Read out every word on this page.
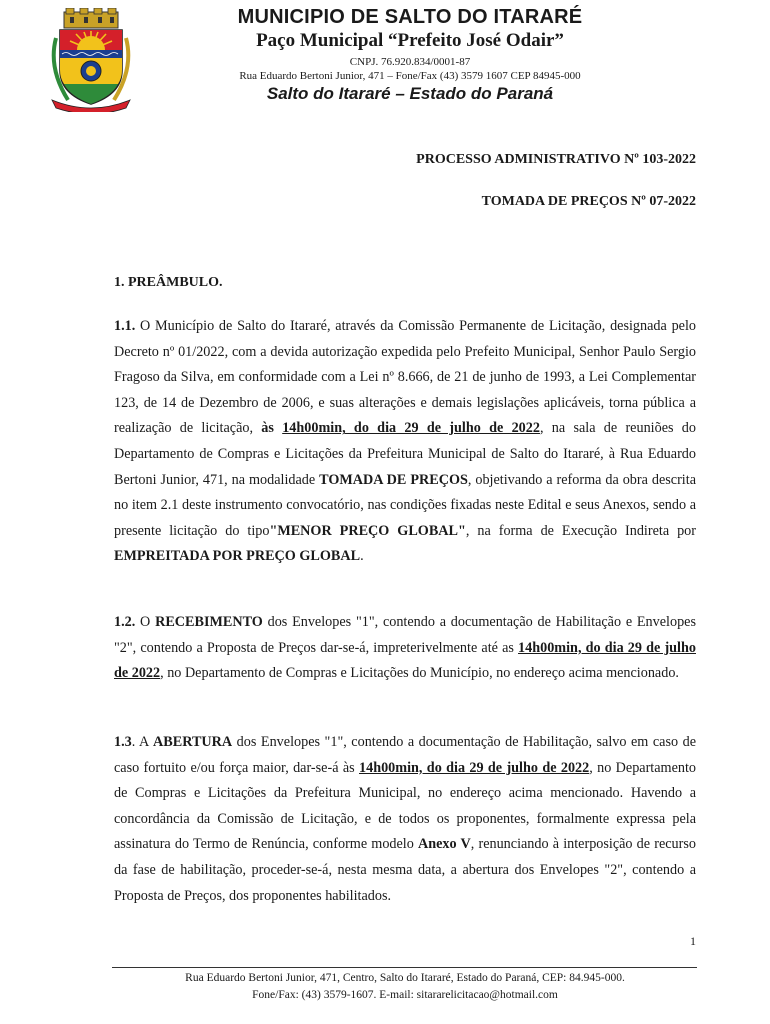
MUNICIPIO DE SALTO DO ITARARÉ
Paço Municipal “Prefeito José Odair”
CNPJ. 76.920.834/0001-87
Rua Eduardo Bertoni Junior, 471 – Fone/Fax (43) 3579 1607 CEP 84945-000
Salto do Itararé – Estado do Paraná
PROCESSO ADMINISTRATIVO Nº 103-2022
TOMADA DE PREÇOS Nº 07-2022
1. PREÂMBULO.
1.1. O Município de Salto do Itararé, através da Comissão Permanente de Licitação, designada pelo Decreto nº 01/2022, com a devida autorização expedida pelo Prefeito Municipal, Senhor Paulo Sergio Fragoso da Silva, em conformidade com a Lei nº 8.666, de 21 de junho de 1993, a Lei Complementar 123, de 14 de Dezembro de 2006, e suas alterações e demais legislações aplicáveis, torna pública a realização de licitação, às 14h00min, do dia 29 de julho de 2022, na sala de reuniões do Departamento de Compras e Licitações da Prefeitura Municipal de Salto do Itararé, à Rua Eduardo Bertoni Junior, 471, na modalidade TOMADA DE PREÇOS, objetivando a reforma da obra descrita no item 2.1 deste instrumento convocatório, nas condições fixadas neste Edital e seus Anexos, sendo a presente licitação do tipo"MENOR PREÇO GLOBAL", na forma de Execução Indireta por EMPREITADA POR PREÇO GLOBAL.
1.2. O RECEBIMENTO dos Envelopes "1", contendo a documentação de Habilitação e Envelopes "2", contendo a Proposta de Preços dar-se-á, impreterivelmente até as 14h00min, do dia 29 de julho de 2022, no Departamento de Compras e Licitações do Município, no endereço acima mencionado.
1.3. A ABERTURA dos Envelopes "1", contendo a documentação de Habilitação, salvo em caso de caso fortuito e/ou força maior, dar-se-á às 14h00min, do dia 29 de julho de 2022, no Departamento de Compras e Licitações da Prefeitura Municipal, no endereço acima mencionado. Havendo a concordância da Comissão de Licitação, e de todos os proponentes, formalmente expressa pela assinatura do Termo de Renúncia, conforme modelo Anexo V, renunciando à interposição de recurso da fase de habilitação, proceder-se-á, nesta mesma data, a abertura dos Envelopes "2", contendo a Proposta de Preços, dos proponentes habilitados.
1
Rua Eduardo Bertoni Junior, 471, Centro, Salto do Itararé, Estado do Paraná, CEP: 84.945-000.
Fone/Fax: (43) 3579-1607. E-mail: sitararelicitacao@hotmail.com
